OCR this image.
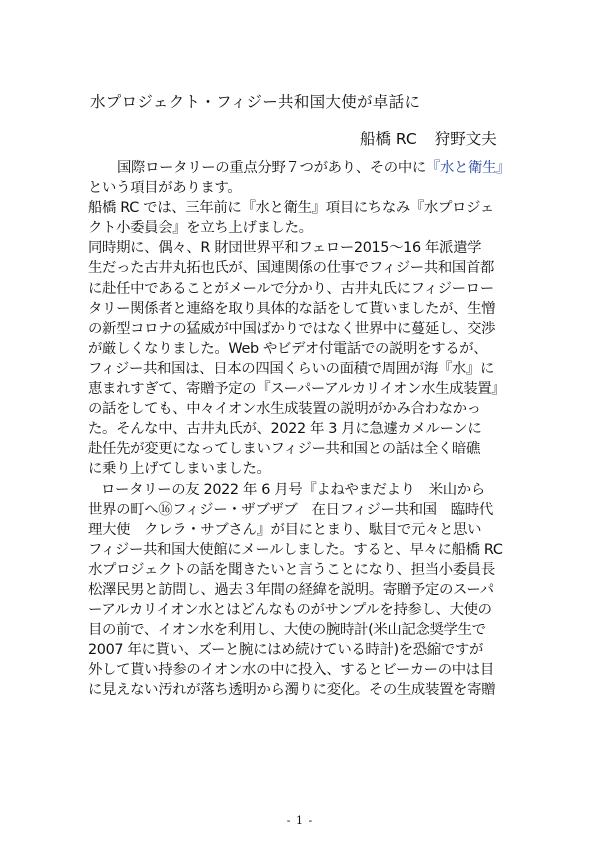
水プロジェクト・フィジー共和国大使が卓話に
船橋 RC 狩野文夫
国際ロータリーの重点分野７つがあり、その中に『水と衛生』
という項目があります。
船橋 RC では、三年前に『水と衛生』項目にちなみ『水プロジェ
クト小委員会』を立ち上げました。
同時期に、偶々、R 財団世界平和フェロー2015～16 年派遣学
生だった古井丸拓也氏が、国連関係の仕事でフィジー共和国首都
に赴任中であることがメールで分かり、古井丸氏にフィジーロー
タリー関係者と連絡を取り具体的な話をして貰いましたが、生憎
の新型コロナの猛威が中国ばかりではなく世界中に蔓延し、交渉
が厳しくなりました。Web やビデオ付電話での説明をするが、
フィジー共和国は、日本の四国くらいの面積で周囲が海『水』に
恵まれすぎて、寄贈予定の『スーパーアルカリイオン水生成装置』
の話をしても、中々イオン水生成装置の説明がかみ合わなかっ
た。そんな中、古井丸氏が、2022 年 3 月に急遽カメルーンに
赴任先が変更になってしまいフィジー共和国との話は全く暗礁
に乗り上げてしまいました。
ロータリーの友 2022 年 6 月号『よねやまだより　米山から
世界の町へ⑯フィジー・ザブザブ　在日フィジー共和国　臨時代
理大使　クレラ・サブさん』が目にとまり、駄目で元々と思い
フィジー共和国大使館にメールしました。すると、早々に船橋 RC
水プロジェクトの話を聞きたいと言うことになり、担当小委員長
松澤民男と訪問し、過去３年間の経緯を説明。寄贈予定のスーパ
ーアルカリイオン水とはどんなものがサンプルを持参し、大使の
目の前で、イオン水を利用し、大使の腕時計(米山記念奨学生で
2007 年に貰い、ズーと腕にはめ続けている時計)を恐縮ですが
外して貰い持参のイオン水の中に投入、するとビーカーの中は目
に見えない汚れが落ち透明から濁りに変化。その生成装置を寄贈
- 1 -
